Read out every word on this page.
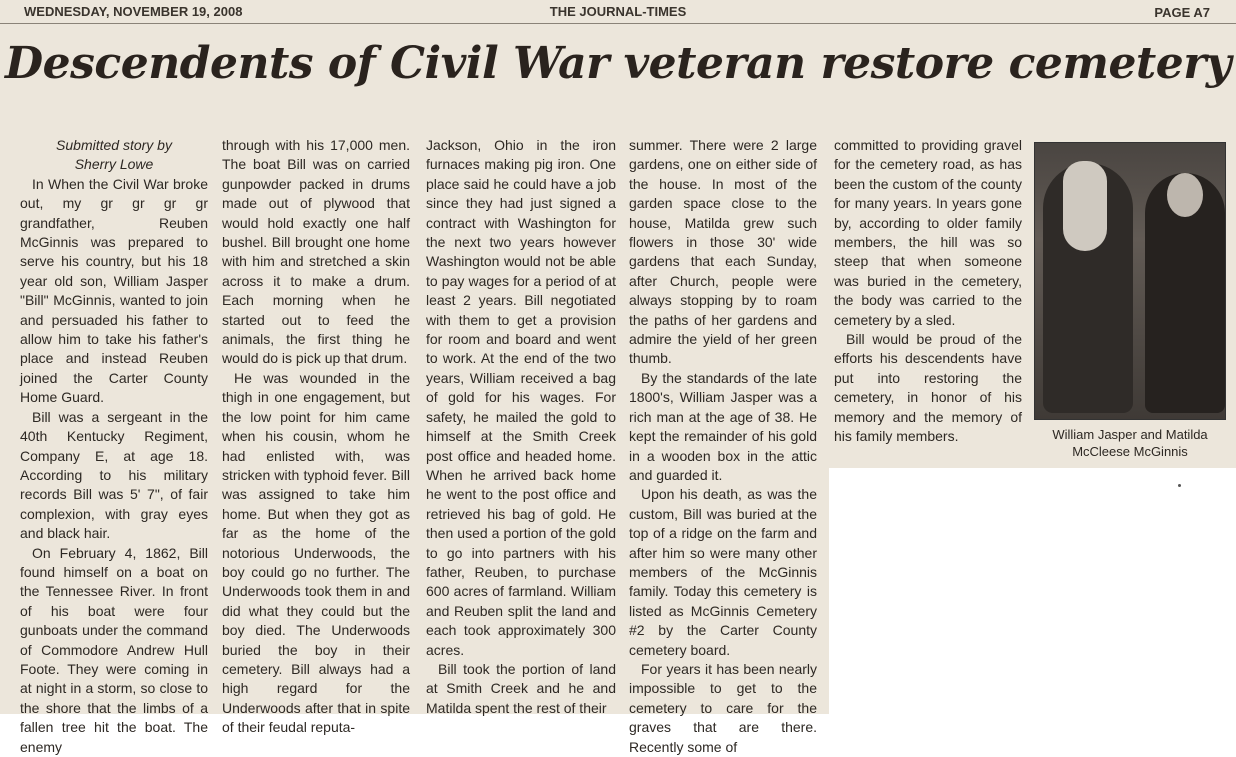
WEDNESDAY, NOVEMBER 19, 2008	THE JOURNAL-TIMES	PAGE A7
Descendents of Civil War veteran restore cemetery

Submitted story by

Sherry Lowe

In When the Civil War broke out, my gr gr gr gr grandfather, Reuben McGinnis was prepared to serve his country, but his 18 year old son, William Jasper "Bill" McGinnis, wanted to join and persuaded his father to allow him to take his father's place and instead Reuben joined the Carter County Home Guard.

Bill was a sergeant in the 40th Kentucky Regiment, Company E, at age 18. According to his military records Bill was 5' 7", of fair complexion, with gray eyes and black hair.

On February 4, 1862, Bill found himself on a boat on the Tennessee River. In front of his boat were four gunboats under the command of Commodore Andrew Hull Foote. They were coming in at night in a storm, so close to the shore that the limbs of a fallen tree hit the boat. The enemy

through with his 17,000 men. The boat Bill was on carried gunpowder packed in drums made out of plywood that would hold exactly one half bushel. Bill brought one home with him and stretched a skin across it to make a drum. Each morning when he started out to feed the animals, the first thing he would do is pick up that drum.

He was wounded in the thigh in one engagement, but the low point for him came when his cousin, whom he had enlisted with, was stricken with typhoid fever. Bill was assigned to take him home. But when they got as far as the home of the notorious Underwoods, the boy could go no further. The Underwoods took them in and did what they could but the boy died. The Underwoods buried the boy in their cemetery. Bill always had a high regard for the Underwoods after that in spite of their feudal reputa-

Jackson, Ohio in the iron furnaces making pig iron. One place said he could have a job since they had just signed a contract with Washington for the next two years however Washington would not be able to pay wages for a period of at least 2 years. Bill negotiated with them to get a provision for room and board and went to work. At the end of the two years, William received a bag of gold for his wages. For safety, he mailed the gold to himself at the Smith Creek post office and headed home. When he arrived back home he went to the post office and retrieved his bag of gold. He then used a portion of the gold to go into partners with his father, Reuben, to purchase 600 acres of farmland. William and Reuben split the land and each took approximately 300 acres.

Bill took the portion of land at Smith Creek and he and Matilda spent the rest of their

summer. There were 2 large gardens, one on either side of the house. In most of the garden space close to the house, Matilda grew such flowers in those 30' wide gardens that each Sunday, after Church, people were always stopping by to roam the paths of her gardens and admire the yield of her green thumb.

By the standards of the late 1800's, William Jasper was a rich man at the age of 38. He kept the remainder of his gold in a wooden box in the attic and guarded it.

Upon his death, as was the custom, Bill was buried at the top of a ridge on the farm and after him so were many other members of the McGinnis family. Today this cemetery is listed as McGinnis Cemetery #2 by the Carter County cemetery board.

For years it has been nearly impossible to get to the cemetery to care for the graves that are there. Recently some of

committed to providing gravel for the cemetery road, as has been the custom of the county for many years. In years gone by, according to older family members, the hill was so steep that when someone was buried in the cemetery, the body was carried to the cemetery by a sled.

Bill would be proud of the efforts his descendents have put into restoring the cemetery, in honor of his memory and the memory of his family members.	William Jasper and Matilda
McCleese McGinnis
